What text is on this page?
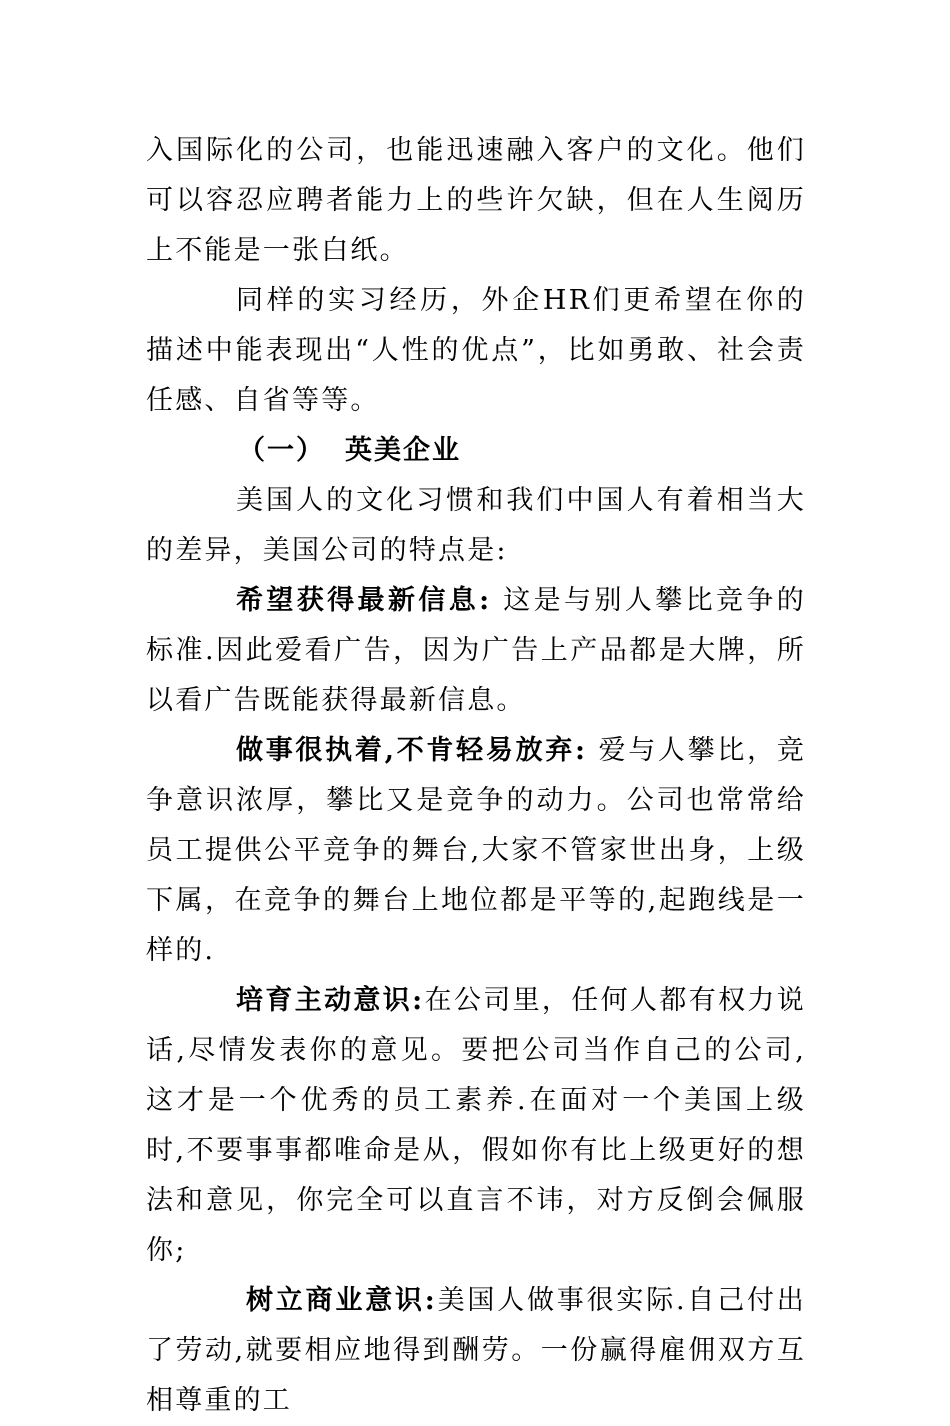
入国际化的公司，也能迅速融入客户的文化。他们可以容忍应聘者能力上的些许欠缺，但在人生阅历上不能是一张白纸。

同样的实习经历，外企HR们更希望在你的描述中能表现出“人性的优点”，比如勇敢、社会责任感、自省等等。

（一） 英美企业

美国人的文化习惯和我们中国人有着相当大的差异，美国公司的特点是:

希望获得最新信息: 这是与别人攀比竞争的标准.因此爱看广告，因为广告上产品都是大牌，所以看广告既能获得最新信息。

做事很执着,不肯轻易放弃: 爱与人攀比，竞争意识浓厚，攀比又是竞争的动力。公司也常常给员工提供公平竞争的舞台,大家不管家世出身，上级下属，在竞争的舞台上地位都是平等的,起跑线是一样的.

培育主动意识:在公司里，任何人都有权力说话,尽情发表你的意见。要把公司当作自己的公司,这才是一个优秀的员工素养.在面对一个美国上级时,不要事事都唯命是从，假如你有比上级更好的想法和意见，你完全可以直言不讳，对方反倒会佩服你;

树立商业意识:美国人做事很实际.自己付出了劳动,就要相应地得到酬劳。一份赢得雇佣双方互相尊重的工
